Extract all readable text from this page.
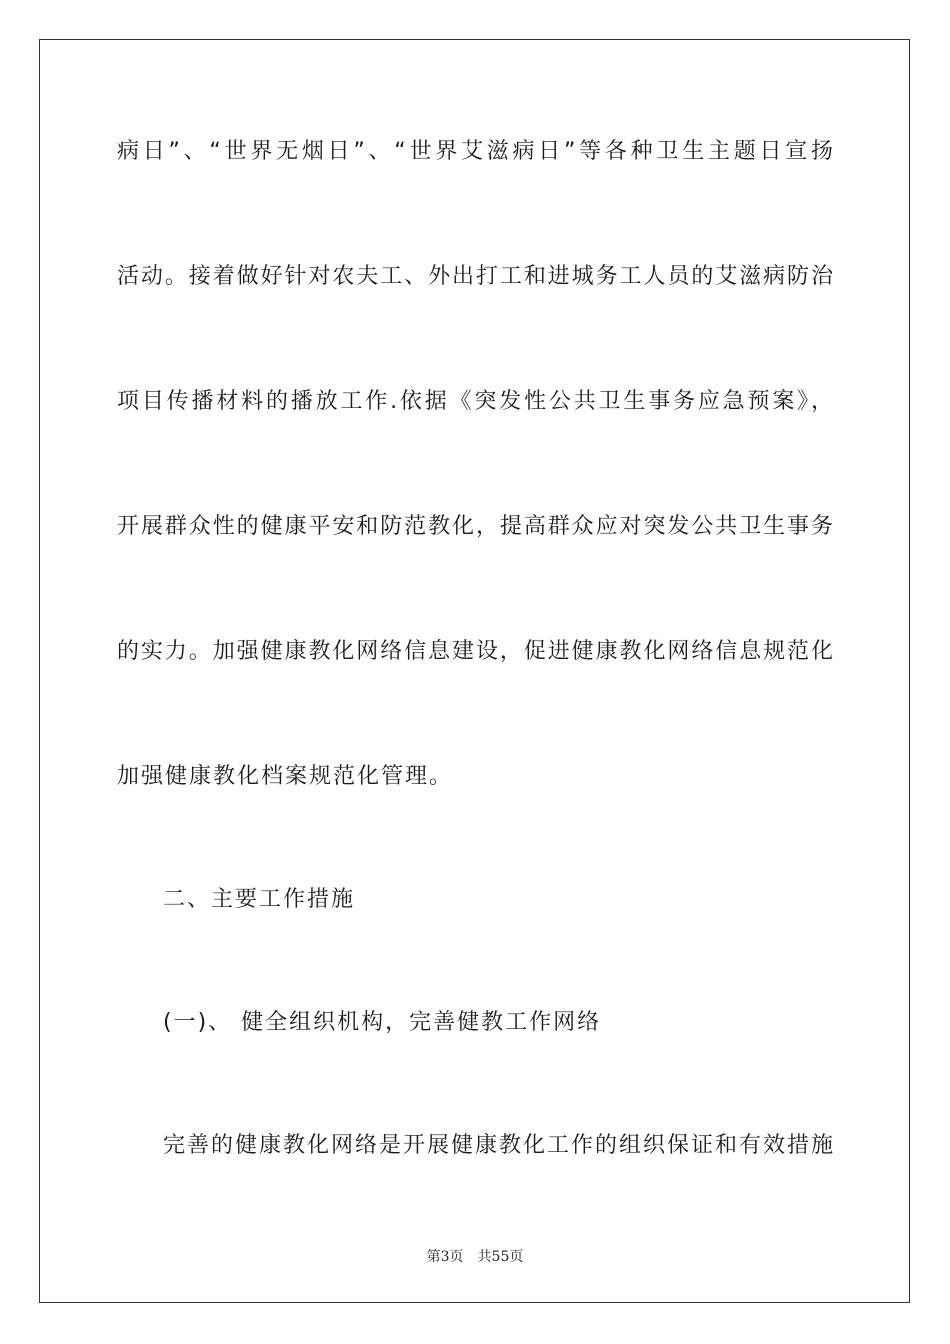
病日”、“世界无烟日”、“世界艾滋病日”等各种卫生主题日宣扬
活动。接着做好针对农夫工、外出打工和进城务工人员的艾滋病防治
项目传播材料的播放工作.依据《突发性公共卫生事务应急预案》，
开展群众性的健康平安和防范教化，提高群众应对突发公共卫生事务
的实力。加强健康教化网络信息建设，促进健康教化网络信息规范化
加强健康教化档案规范化管理。
二、主要工作措施
(一)、 健全组织机构，完善健教工作网络
完善的健康教化网络是开展健康教化工作的组织保证和有效措施
第3页 共55页
